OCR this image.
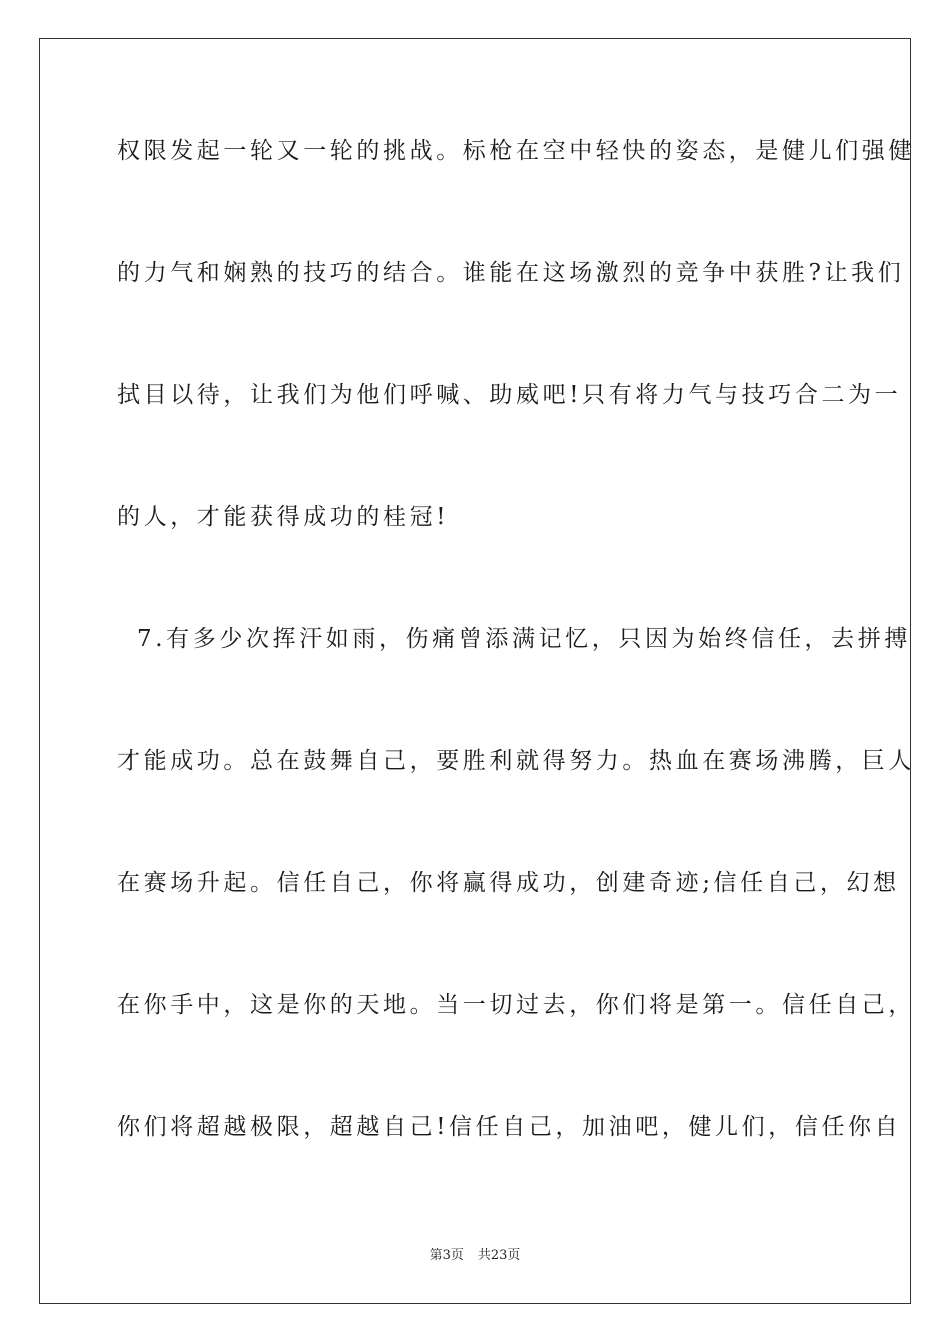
权限发起一轮又一轮的挑战。标枪在空中轻快的姿态，是健儿们强健
的力气和娴熟的技巧的结合。谁能在这场激烈的竞争中获胜?让我们
拭目以待，让我们为他们呼喊、助威吧!只有将力气与技巧合二为一
的人，才能获得成功的桂冠!
7.有多少次挥汗如雨，伤痛曾添满记忆，只因为始终信任，去拼搏
才能成功。总在鼓舞自己，要胜利就得努力。热血在赛场沸腾，巨人
在赛场升起。信任自己，你将赢得成功，创建奇迹;信任自己，幻想
在你手中，这是你的天地。当一切过去，你们将是第一。信任自己，
你们将超越极限，超越自己!信任自己，加油吧，健儿们，信任你自
第3页 共23页
